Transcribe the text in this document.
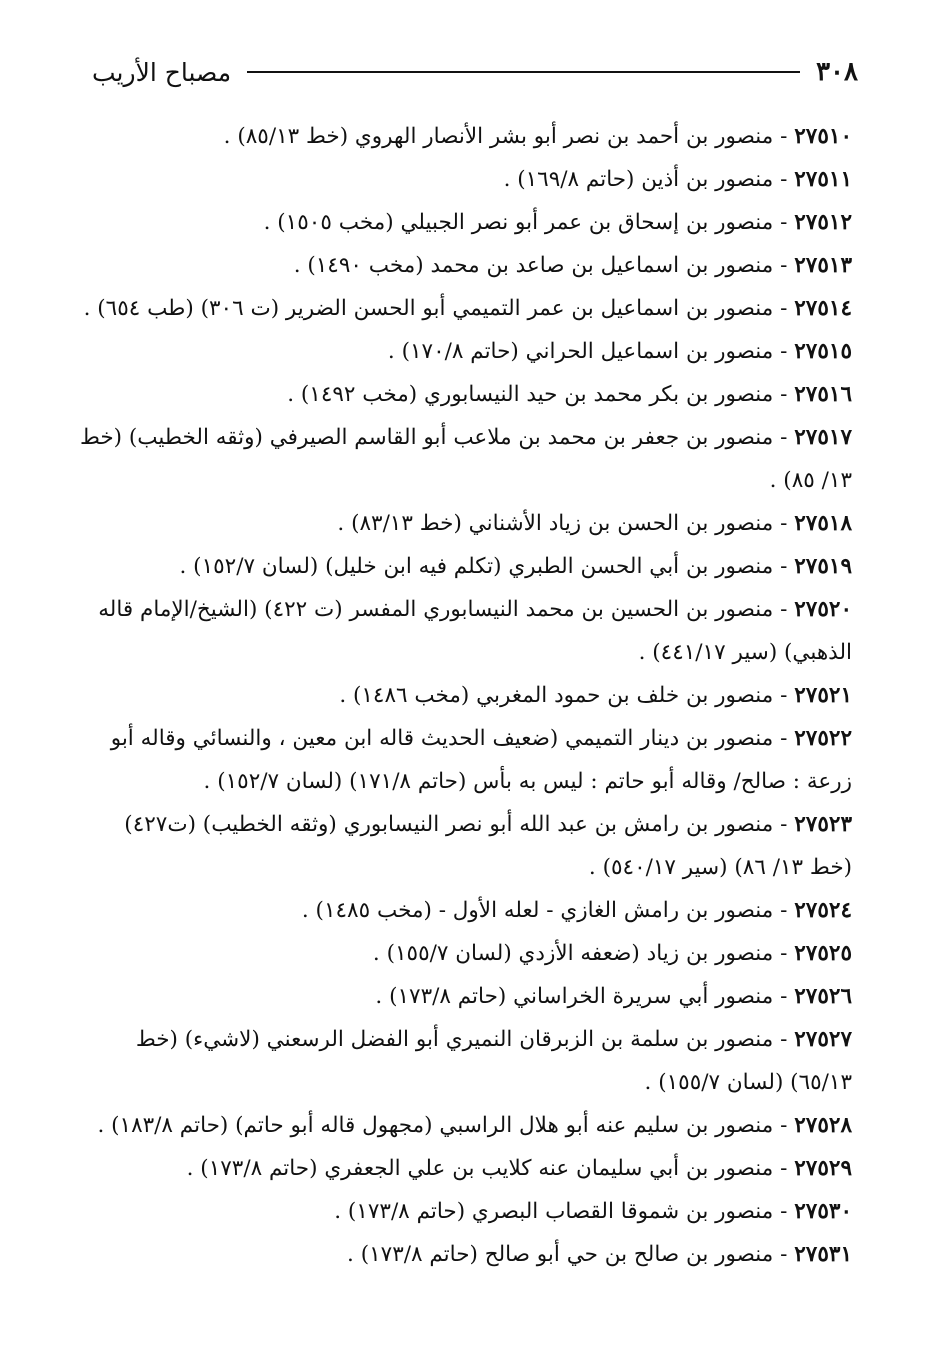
٣٠٨
مصباح الأريب

٢٧٥١٠ - منصور بن أحمد بن نصر أبو بشر الأنصار الهروي (خط ٨٥/١٣) .

٢٧٥١١ - منصور بن أذين (حاتم ١٦٩/٨) .

٢٧٥١٢ - منصور بن إسحاق بن عمر أبو نصر الجبيلي (مخب ١٥٠٥) .

٢٧٥١٣ - منصور بن اسماعيل بن صاعد بن محمد (مخب ١٤٩٠) .

٢٧٥١٤ - منصور بن اسماعيل بن عمر التميمي أبو الحسن الضرير (ت ٣٠٦) (طب ٦٥٤) .

٢٧٥١٥ - منصور بن اسماعيل الحراني (حاتم ١٧٠/٨) .

٢٧٥١٦ - منصور بن بكر محمد بن حيد النيسابوري (مخب ١٤٩٢) .

٢٧٥١٧ - منصور بن جعفر بن محمد بن ملاعب أبو القاسم الصيرفي (وثقه الخطيب) (خط ١٣/ ٨٥) .

٢٧٥١٨ - منصور بن الحسن بن زياد الأشناني (خط ٨٣/١٣) .

٢٧٥١٩ - منصور بن أبي الحسن الطبري (تكلم فيه ابن خليل) (لسان ١٥٢/٧) .

٢٧٥٢٠ - منصور بن الحسين بن محمد النيسابوري المفسر (ت ٤٢٢) (الشيخ/الإمام قاله الذهبي) (سير ٤٤١/١٧) .

٢٧٥٢١ - منصور بن خلف بن حمود المغربي (مخب ١٤٨٦) .

٢٧٥٢٢ - منصور بن دينار التميمي (ضعيف الحديث قاله ابن معين ، والنسائي وقاله أبو زرعة : صالح/ وقاله أبو حاتم : ليس به بأس (حاتم ١٧١/٨) (لسان ١٥٢/٧) .

٢٧٥٢٣ - منصور بن رامش بن عبد الله أبو نصر النيسابوري (وثقه الخطيب) (ت٤٢٧) (خط ١٣/ ٨٦) (سير ٥٤٠/١٧) .

٢٧٥٢٤ - منصور بن رامش الغازي - لعله الأول - (مخب ١٤٨٥) .

٢٧٥٢٥ - منصور بن زياد (ضعفه الأزدي (لسان ١٥٥/٧) .

٢٧٥٢٦ - منصور أبي سريرة الخراساني (حاتم ١٧٣/٨) .

٢٧٥٢٧ - منصور بن سلمة بن الزبرقان النميري أبو الفضل الرسعني (لاشيء) (خط ٦٥/١٣) (لسان ١٥٥/٧) .

٢٧٥٢٨ - منصور بن سليم عنه أبو هلال الراسبي (مجهول قاله أبو حاتم) (حاتم ١٨٣/٨) .

٢٧٥٢٩ - منصور بن أبي سليمان عنه كلايب بن علي الجعفري (حاتم ١٧٣/٨) .

٢٧٥٣٠ - منصور بن شموقا القصاب البصري (حاتم ١٧٣/٨) .

٢٧٥٣١ - منصور بن صالح بن حي أبو صالح (حاتم ١٧٣/٨) .
